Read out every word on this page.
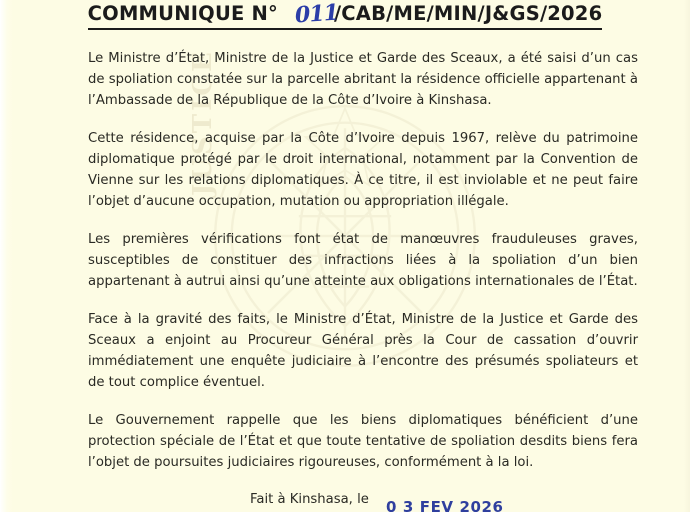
JUSTICE
COMMUNIQUE N°	/CAB/ME/MIN/J&GS/2026
011

Le Ministre d’État, Ministre de la Justice et Garde des Sceaux, a été saisi d’un cas de spoliation constatée sur la parcelle abritant la résidence officielle appartenant à l’Ambassade de la République de la Côte d’Ivoire à Kinshasa.

Cette résidence, acquise par la Côte d’Ivoire depuis 1967, relève du patrimoine diplomatique protégé par le droit international, notamment par la Convention de Vienne sur les relations diplomatiques. À ce titre, il est inviolable et ne peut faire l’objet d’aucune occupation, mutation ou appropriation illégale.

Les premières vérifications font état de manœuvres frauduleuses graves, susceptibles de constituer des infractions liées à la spoliation d’un bien appartenant à autrui ainsi qu’une atteinte aux obligations internationales de l’État.

Face à la gravité des faits, le Ministre d’État, Ministre de la Justice et Garde des Sceaux a enjoint au Procureur Général près la Cour de cassation d’ouvrir immédiatement une enquête judiciaire à l’encontre des présumés spoliateurs et de tout complice éventuel.

Le Gouvernement rappelle que les biens diplomatiques bénéficient d’une protection spéciale de l’État et que toute tentative de spoliation desdits biens fera l’objet de poursuites judiciaires rigoureuses, conformément à la loi.

Fait à Kinshasa, le 0 3 FEV 2026
